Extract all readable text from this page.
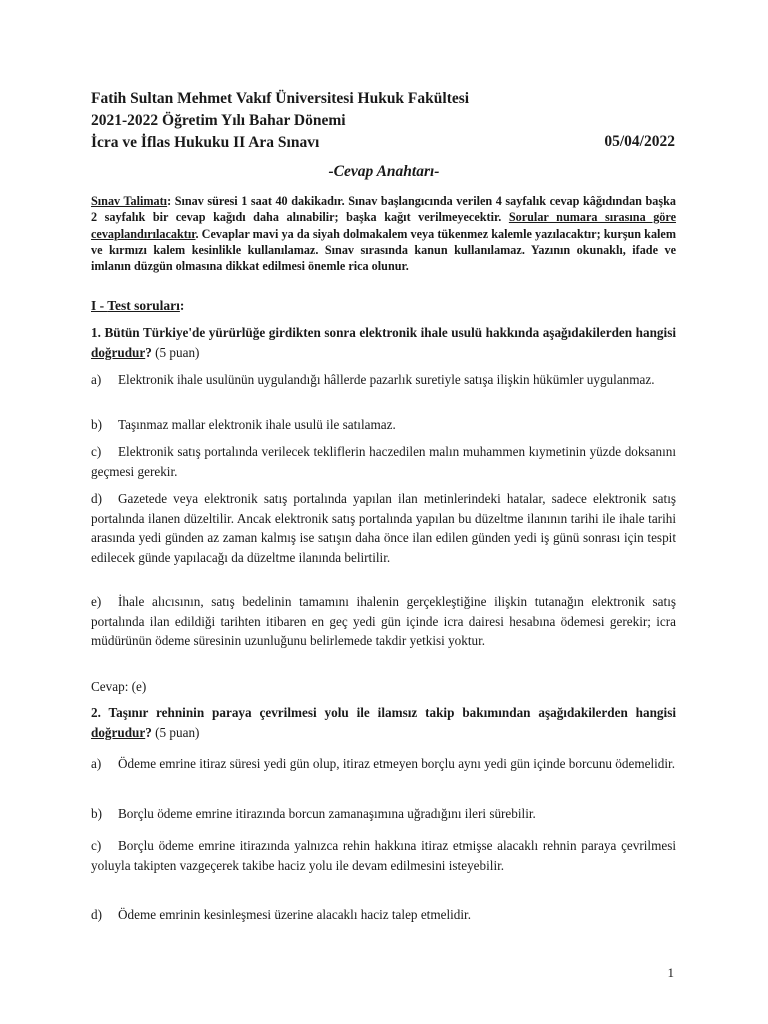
Fatih Sultan Mehmet Vakıf Üniversitesi Hukuk Fakültesi
2021-2022 Öğretim Yılı Bahar Dönemi
İcra ve İflas Hukuku II Ara Sınavı	05/04/2022
-Cevap Anahtarı-
Sınav Talimatı: Sınav süresi 1 saat 40 dakikadır. Sınav başlangıcında verilen 4 sayfalık cevap kâğıdından başka 2 sayfalık bir cevap kağıdı daha alınabilir; başka kağıt verilmeyecektir. Sorular numara sırasına göre cevaplandırılacaktır. Cevaplar mavi ya da siyah dolmakalem veya tükenmez kalemle yazılacaktır; kurşun kalem ve kırmızı kalem kesinlikle kullanılamaz. Sınav sırasında kanun kullanılamaz. Yazının okunaklı, ifade ve imlanın düzgün olmasına dikkat edilmesi önemle rica olunur.
I - Test soruları:
1. Bütün Türkiye'de yürürlüğe girdikten sonra elektronik ihale usulü hakkında aşağıdakilerden hangisi doğrudur? (5 puan)
a) Elektronik ihale usulünün uygulandığı hâllerde pazarlık suretiyle satışa ilişkin hükümler uygulanmaz.
b) Taşınmaz mallar elektronik ihale usulü ile satılamaz.
c) Elektronik satış portalında verilecek tekliflerin haczedilen malın muhammen kıymetinin yüzde doksanını geçmesi gerekir.
d) Gazetede veya elektronik satış portalında yapılan ilan metinlerindeki hatalar, sadece elektronik satış portalında ilanen düzeltilir. Ancak elektronik satış portalında yapılan bu düzeltme ilanının tarihi ile ihale tarihi arasında yedi günden az zaman kalmış ise satışın daha önce ilan edilen günden yedi iş günü sonrası için tespit edilecek günde yapılacağı da düzeltme ilanında belirtilir.
e) İhale alıcısının, satış bedelinin tamamını ihalenin gerçekleştiğine ilişkin tutanağın elektronik satış portalında ilan edildiği tarihten itibaren en geç yedi gün içinde icra dairesi hesabına ödemesi gerekir; icra müdürünün ödeme süresinin uzunluğunu belirlemede takdir yetkisi yoktur.
Cevap: (e)
2. Taşınır rehninin paraya çevrilmesi yolu ile ilamsız takip bakımından aşağıdakilerden hangisi doğrudur? (5 puan)
a) Ödeme emrine itiraz süresi yedi gün olup, itiraz etmeyen borçlu aynı yedi gün içinde borcunu ödemelidir.
b) Borçlu ödeme emrine itirazında borcun zamanaşımına uğradığını ileri sürebilir.
c) Borçlu ödeme emrine itirazında yalnızca rehin hakkına itiraz etmişse alacaklı rehnin paraya çevrilmesi yoluyla takipten vazgeçerek takibe haciz yolu ile devam edilmesini isteyebilir.
d) Ödeme emrinin kesinleşmesi üzerine alacaklı haciz talep etmelidir.
1
